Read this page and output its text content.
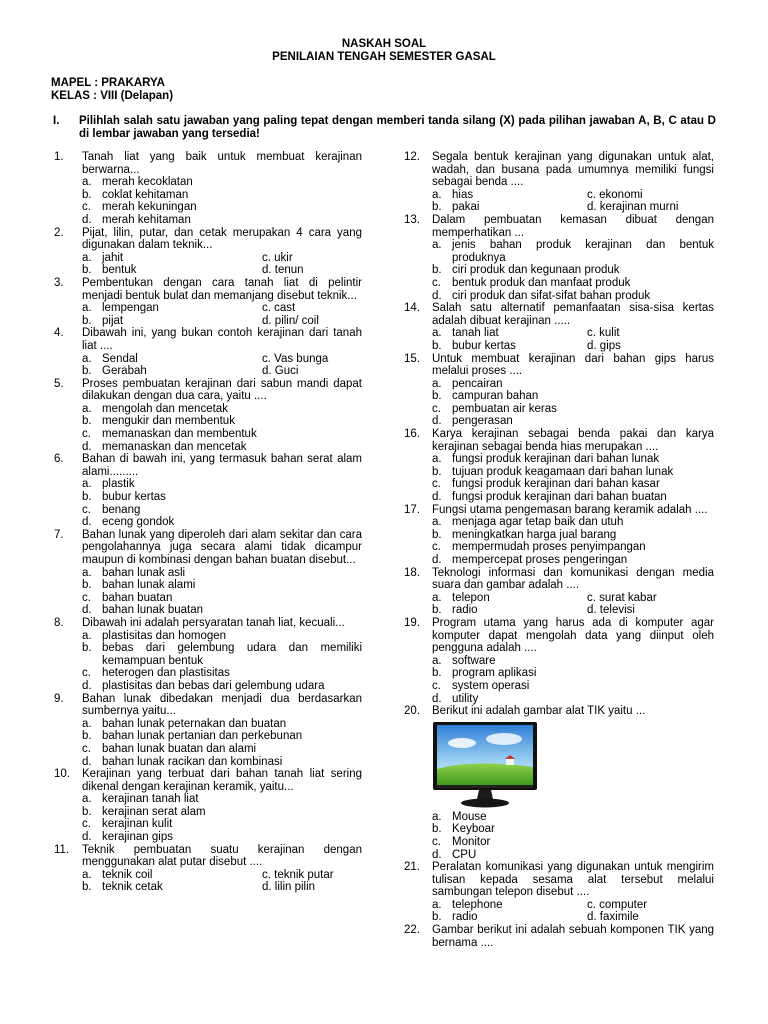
NASKAH SOAL
PENILAIAN TENGAH SEMESTER GASAL
MAPEL : PRAKARYA
KELAS : VIII (Delapan)
I. Pilihlah salah satu jawaban yang paling tepat dengan memberi tanda silang (X) pada pilihan jawaban A, B, C atau D di lembar jawaban yang tersedia!
1.	Tanah liat yang baik untuk membuat kerajinan berwarna...
a. merah kecoklatan
b. coklat kehitaman
c. merah kekuningan
d. merah kehitaman
2.	Pijat, lilin, putar, dan cetak merupakan 4 cara yang digunakan dalam teknik...
a. jahit	c. ukir
b. bentuk	d. tenun
3.	Pembentukan dengan cara tanah liat di pelintir menjadi bentuk bulat dan memanjang disebut teknik...
a. lempengan	c. cast
b. pijat	d. pilin/ coil
4.	Dibawah ini, yang bukan contoh kerajinan dari tanah liat ....
a. Sendal	c. Vas bunga
b. Gerabah	d. Guci
5.	Proses pembuatan kerajinan dari sabun mandi dapat dilakukan dengan dua cara, yaitu ....
a. mengolah dan mencetak
b. mengukir dan membentuk
c. memanaskan dan membentuk
d. memanaskan dan mencetak
6.	Bahan di bawah ini, yang termasuk bahan serat alam alami.........
a. plastik
b. bubur kertas
c. benang
d. eceng gondok
7.	Bahan lunak yang diperoleh dari alam sekitar dan cara pengolahannya juga secara alami tidak dicampur maupun di kombinasi dengan bahan buatan disebut...
a. bahan lunak asli
b. bahan lunak alami
c. bahan buatan
d. bahan lunak buatan
8.	Dibawah ini adalah persyaratan tanah liat, kecuali...
a. plastisitas dan homogen
b. bebas dari gelembung udara dan memiliki kemampuan bentuk
c. heterogen dan plastisitas
d. plastisitas dan bebas dari gelembung udara
9.	Bahan lunak dibedakan menjadi dua berdasarkan sumbernya yaitu...
a. bahan lunak peternakan dan buatan
b. bahan lunak pertanian dan perkebunan
c. bahan lunak buatan dan alami
d. bahan lunak racikan dan kombinasi
10.	Kerajinan yang terbuat dari bahan tanah liat sering dikenal dengan kerajinan keramik, yaitu...
a. kerajinan tanah liat
b. kerajinan serat alam
c. kerajinan kulit
d. kerajinan gips
11.	Teknik pembuatan suatu kerajinan dengan menggunakan alat putar disebut ....
a. teknik coil	c. teknik putar
b. teknik cetak	d. lilin pilin
12.	Segala bentuk kerajinan yang digunakan untuk alat, wadah, dan busana pada umumnya memiliki fungsi sebagai benda ....
a. hias	c. ekonomi
b. pakai	d. kerajinan murni
13.	Dalam pembuatan kemasan dibuat dengan memperhatikan ...
a. jenis bahan produk kerajinan dan bentuk produknya
b. ciri produk dan kegunaan produk
c. bentuk produk dan manfaat produk
d. ciri produk dan sifat-sifat bahan produk
14.	Salah satu alternatif pemanfaatan sisa-sisa kertas adalah dibuat kerajinan .....
a. tanah liat	c. kulit
b. bubur kertas	d. gips
15.	Untuk membuat kerajinan dari bahan gips harus melalui proses ....
a. pencairan
b. campuran bahan
c. pembuatan air keras
d. pengerasan
16.	Karya kerajinan sebagai benda pakai dan karya kerajinan sebagai benda hias merupakan ....
a. fungsi produk kerajinan dari bahan lunak
b. tujuan produk keagamaan dari bahan lunak
c. fungsi produk kerajinan dari bahan kasar
d. fungsi produk kerajinan dari bahan buatan
17.	Fungsi utama pengemasan barang keramik adalah ....
a. menjaga agar tetap baik dan utuh
b. meningkatkan harga jual barang
c. mempermudah proses penyimpangan
d. mempercepat proses pengeringan
18.	Teknologi informasi dan komunikasi dengan media suara dan gambar adalah ....
a. telepon	c. surat kabar
b. radio	d. televisi
19.	Program utama yang harus ada di komputer agar komputer dapat mengolah data yang diinput oleh pengguna adalah ....
a. software
b. program aplikasi
c. system operasi
d. utility
20.	Berikut ini adalah gambar alat TIK yaitu ...
a. Mouse
b. Keyboar
c. Monitor
d. CPU
21.	Peralatan komunikasi yang digunakan untuk mengirim tulisan kepada sesama alat tersebut melalui sambungan telepon disebut ....
a. telephone	c. computer
b. radio	d. faximile
22.	Gambar berikut ini adalah sebuah komponen TIK yang bernama ....
